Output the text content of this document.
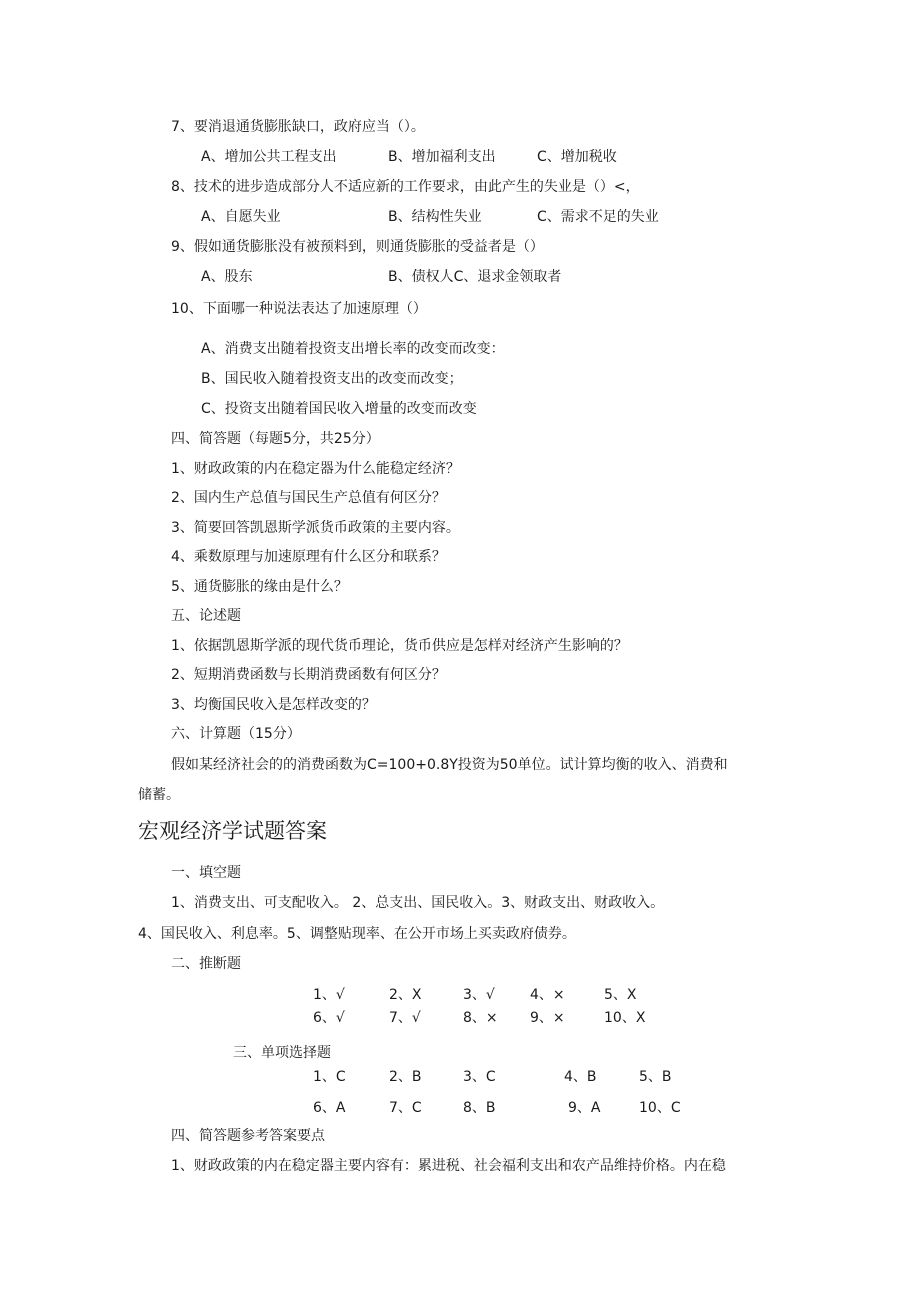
7、要消退通货膨胀缺口，政府应当（）。
A、增加公共工程支出	B、增加福利支出	C、增加税收
8、技术的进步造成部分人不适应新的工作要求，由此产生的失业是（）<，
A、自愿失业	B、结构性失业	C、需求不足的失业
9、假如通货膨胀没有被预料到，则通货膨胀的受益者是（）
A、股东	B、债权人C、退求金领取者
10、下面哪一种说法表达了加速原理（）
A、消费支出随着投资支出增长率的改变而改变：
B、国民收入随着投资支出的改变而改变；
C、投资支出随着国民收入增量的改变而改变
四、简答题（每题5分，共25分）
1、财政政策的内在稳定器为什么能稳定经济？
2、国内生产总值与国民生产总值有何区分？
3、简要回答凯恩斯学派货币政策的主要内容。
4、乘数原理与加速原理有什么区分和联系？
5、通货膨胀的缘由是什么？
五、论述题
1、依据凯恩斯学派的现代货币理论，货币供应是怎样对经济产生影响的？
2、短期消费函数与长期消费函数有何区分？
3、均衡国民收入是怎样改变的？
六、计算题（15分）
假如某经济社会的的消费函数为C=100+0.8Y投资为50单位。试计算均衡的收入、消费和
储蓄。
宏观经济学试题答案
一、填空题
1、消费支出、可支配收入。 2、总支出、国民收入。3、财政支出、财政收入。
4、国民收入、利息率。5、调整贴现率、在公开市场上买卖政府债券。
二、推断题
1、√	2、X	3、√	4、×	5、X
6、√	7、√	8、× 9、×	10、X
三、单项选择题
1、C	2、B	3、C	4、B	5、B
6、A	7、C	8、B	9、A	10、C
四、简答题参考答案要点
1、财政政策的内在稳定器主要内容有：累进税、社会福利支出和农产品维持价格。内在稳
